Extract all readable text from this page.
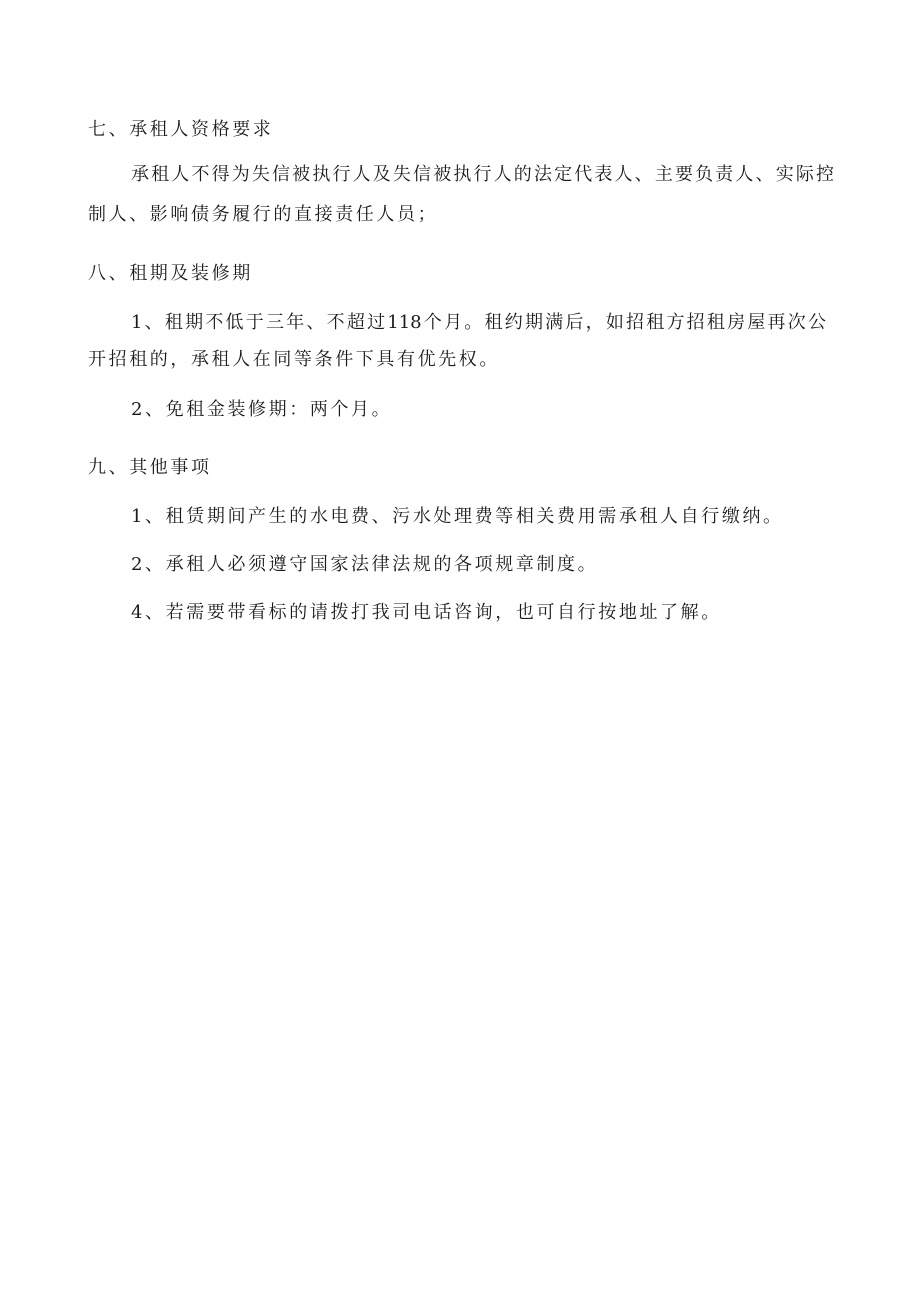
七、承租人资格要求
承租人不得为失信被执行人及失信被执行人的法定代表人、主要负责人、实际控
制人、影响债务履行的直接责任人员；
八、租期及装修期
1、租期不低于三年、不超过118个月。租约期满后，如招租方招租房屋再次公
开招租的，承租人在同等条件下具有优先权。
2、免租金装修期：两个月。
九、其他事项
1、租赁期间产生的水电费、污水处理费等相关费用需承租人自行缴纳。
2、承租人必须遵守国家法律法规的各项规章制度。
4、若需要带看标的请拨打我司电话咨询，也可自行按地址了解。
